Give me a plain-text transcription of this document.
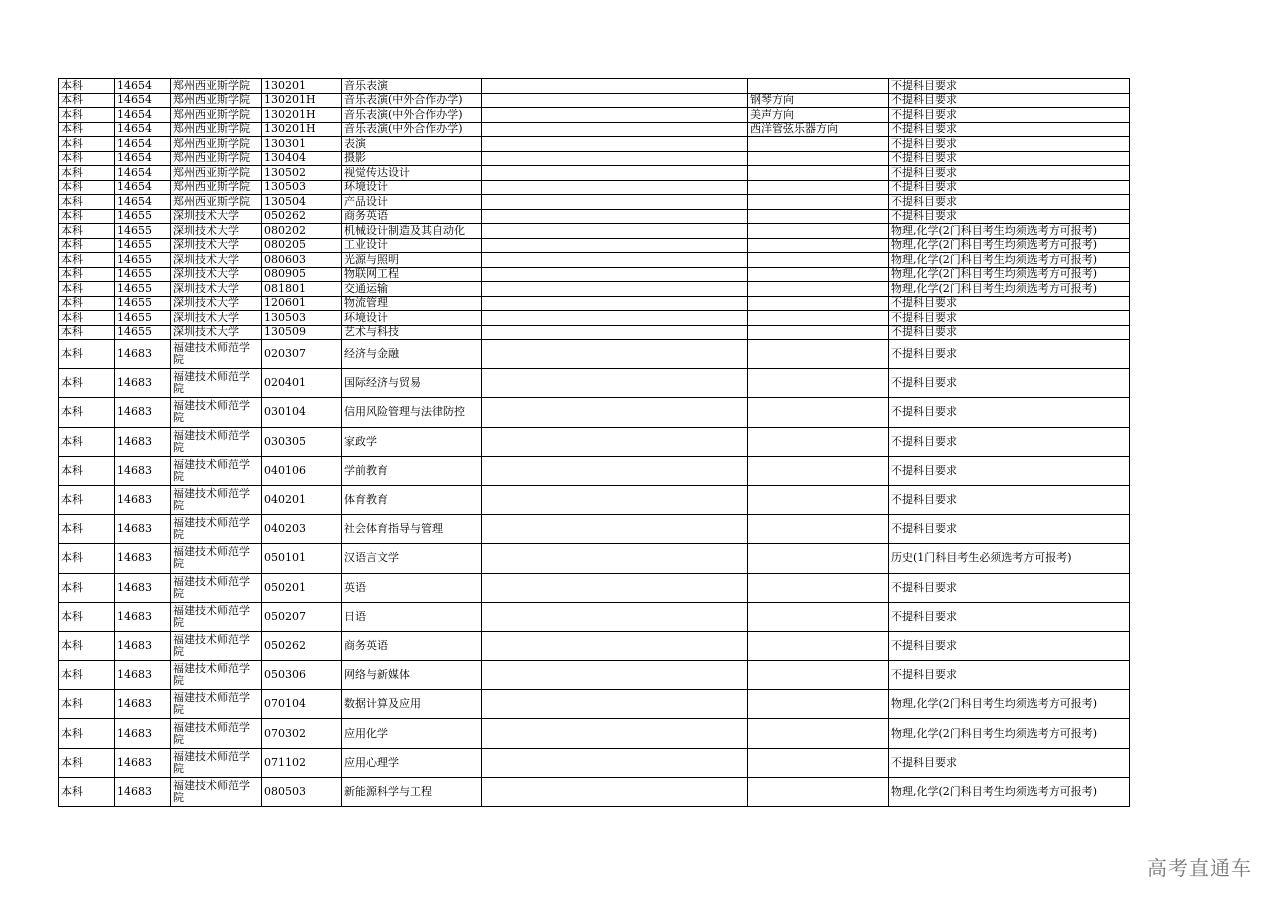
本科	14654	郑州西亚斯学院	130201	音乐表演			不提科目要求
本科	14654	郑州西亚斯学院	130201H	音乐表演(中外合作办学)		钢琴方向	不提科目要求
本科	14654	郑州西亚斯学院	130201H	音乐表演(中外合作办学)		美声方向	不提科目要求
本科	14654	郑州西亚斯学院	130201H	音乐表演(中外合作办学)		西洋管弦乐器方向	不提科目要求
本科	14654	郑州西亚斯学院	130301	表演			不提科目要求
本科	14654	郑州西亚斯学院	130404	摄影			不提科目要求
本科	14654	郑州西亚斯学院	130502	视觉传达设计			不提科目要求
本科	14654	郑州西亚斯学院	130503	环境设计			不提科目要求
本科	14654	郑州西亚斯学院	130504	产品设计			不提科目要求
本科	14655	深圳技术大学	050262	商务英语			不提科目要求
本科	14655	深圳技术大学	080202	机械设计制造及其自动化			物理,化学(2门科目考生均须选考方可报考)
本科	14655	深圳技术大学	080205	工业设计			物理,化学(2门科目考生均须选考方可报考)
本科	14655	深圳技术大学	080603	光源与照明			物理,化学(2门科目考生均须选考方可报考)
本科	14655	深圳技术大学	080905	物联网工程			物理,化学(2门科目考生均须选考方可报考)
本科	14655	深圳技术大学	081801	交通运输			物理,化学(2门科目考生均须选考方可报考)
本科	14655	深圳技术大学	120601	物流管理			不提科目要求
本科	14655	深圳技术大学	130503	环境设计			不提科目要求
本科	14655	深圳技术大学	130509	艺术与科技			不提科目要求
本科	14683	福建技术师范学院	020307	经济与金融			不提科目要求
本科	14683	福建技术师范学院	020401	国际经济与贸易			不提科目要求
本科	14683	福建技术师范学院	030104	信用风险管理与法律防控			不提科目要求
本科	14683	福建技术师范学院	030305	家政学			不提科目要求
本科	14683	福建技术师范学院	040106	学前教育			不提科目要求
本科	14683	福建技术师范学院	040201	体育教育			不提科目要求
本科	14683	福建技术师范学院	040203	社会体育指导与管理			不提科目要求
本科	14683	福建技术师范学院	050101	汉语言文学			历史(1门科目考生必须选考方可报考)
本科	14683	福建技术师范学院	050201	英语			不提科目要求
本科	14683	福建技术师范学院	050207	日语			不提科目要求
本科	14683	福建技术师范学院	050262	商务英语			不提科目要求
本科	14683	福建技术师范学院	050306	网络与新媒体			不提科目要求
本科	14683	福建技术师范学院	070104	数据计算及应用			物理,化学(2门科目考生均须选考方可报考)
本科	14683	福建技术师范学院	070302	应用化学			物理,化学(2门科目考生均须选考方可报考)
本科	14683	福建技术师范学院	071102	应用心理学			不提科目要求
本科	14683	福建技术师范学院	080503	新能源科学与工程			物理,化学(2门科目考生均须选考方可报考)
高考直通车
